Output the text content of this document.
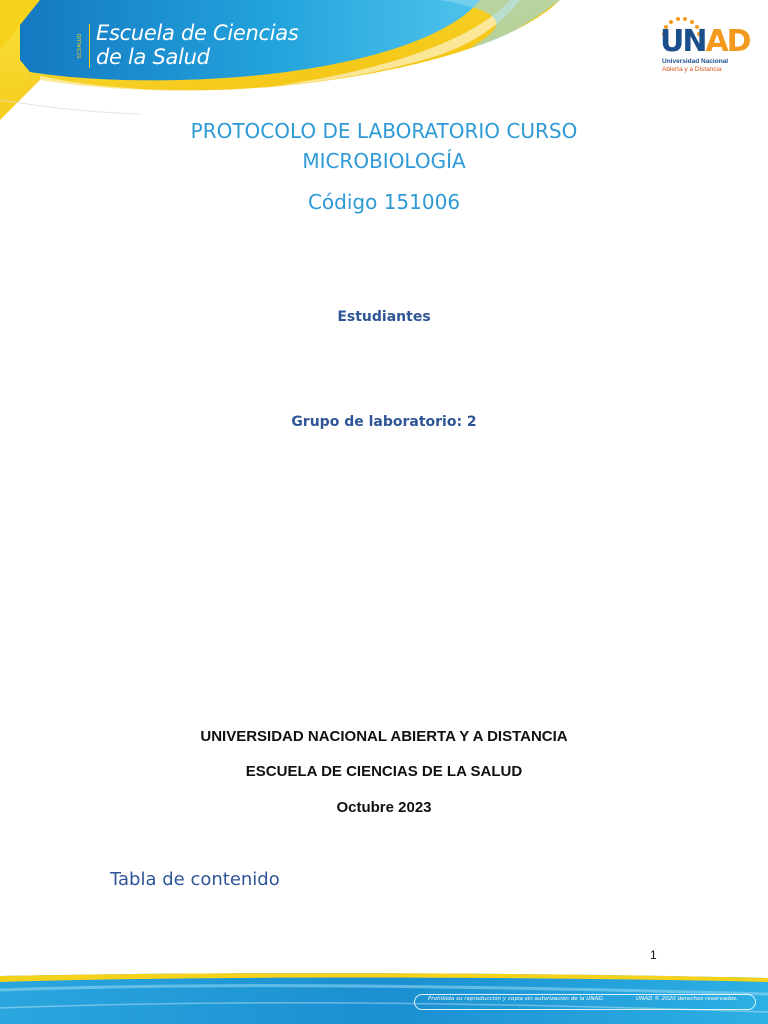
ECSALUD
Escuela de Ciencias
de la Salud	UNAD
Universidad Nacional
Abierta y a Distancia
PROTOCOLO DE LABORATORIO CURSO
MICROBIOLOGÍA
Código 151006
Estudiantes
Grupo de laboratorio: 2
UNIVERSIDAD NACIONAL ABIERTA Y A DISTANCIA
ESCUELA DE CIENCIAS DE LA SALUD
Octubre 2023
Tabla de contenido
1
Prohibida su reproducción y copia sin autorización de la UNAD.	UNAD © 2020 derechos reservados.
